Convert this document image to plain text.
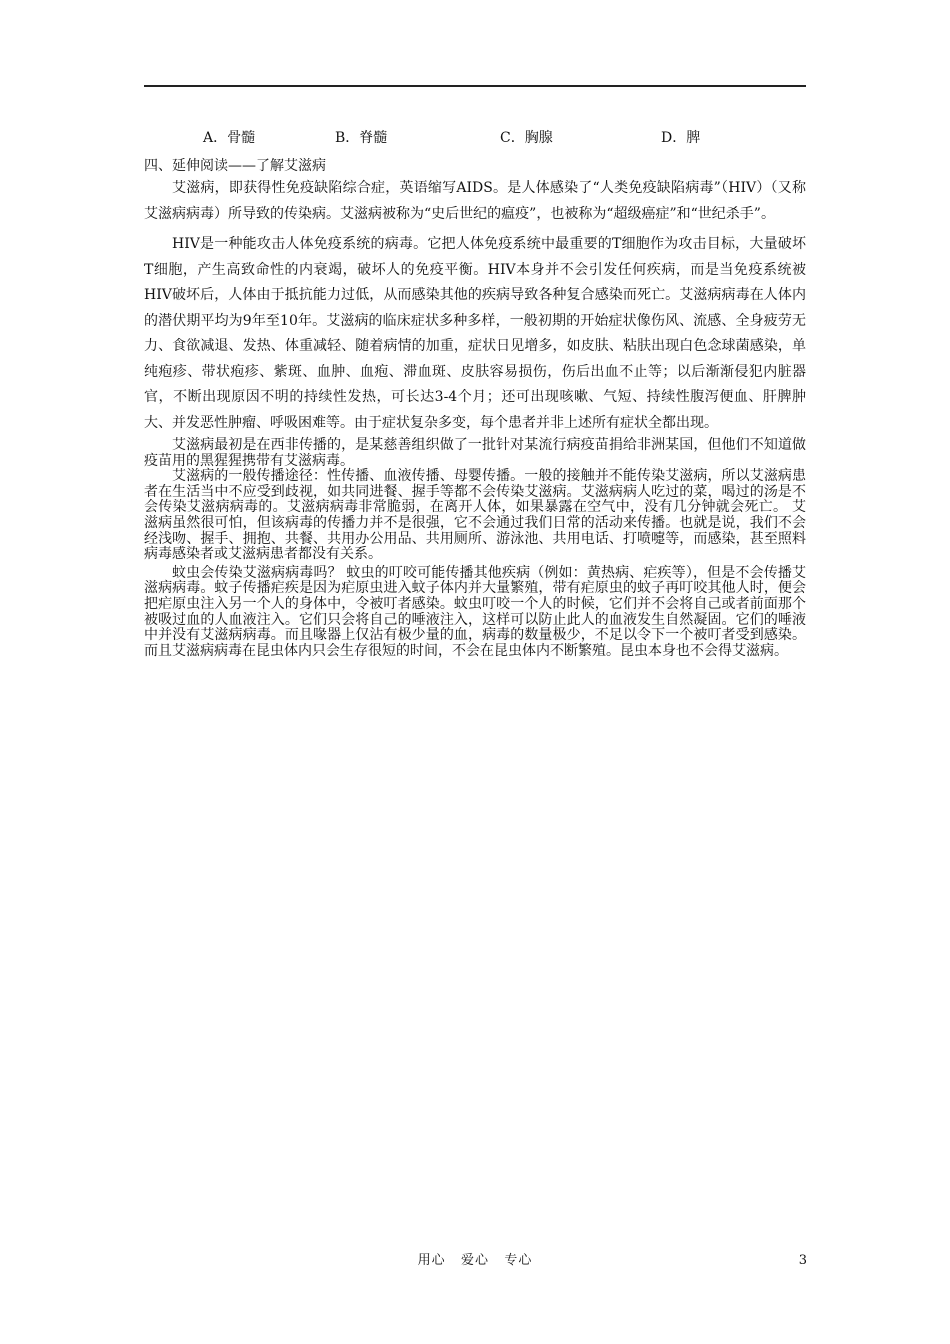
A．骨髓	B．脊髓	C．胸腺	D．脾

四、延伸阅读——了解艾滋病

艾滋病，即获得性免疫缺陷综合症，英语缩写AIDS。是人体感染了“人类免疫缺陷病毒”（HIV）（又称艾滋病病毒）所导致的传染病。艾滋病被称为“史后世纪的瘟疫”，也被称为“超级癌症”和“世纪杀手”。

HIV是一种能攻击人体免疫系统的病毒。它把人体免疫系统中最重要的T细胞作为攻击目标，大量破坏T细胞，产生高致命性的内衰竭，破坏人的免疫平衡。HIV本身并不会引发任何疾病，而是当免疫系统被HIV破坏后，人体由于抵抗能力过低，从而感染其他的疾病导致各种复合感染而死亡。艾滋病病毒在人体内的潜伏期平均为9年至10年。艾滋病的临床症状多种多样，一般初期的开始症状像伤风、流感、全身疲劳无力、食欲减退、发热、体重减轻、随着病情的加重，症状日见增多，如皮肤、粘肤出现白色念球菌感染，单纯疱疹、带状疱疹、紫斑、血肿、血疱、滞血斑、皮肤容易损伤，伤后出血不止等；以后渐渐侵犯内脏器官，不断出现原因不明的持续性发热，可长达3-4个月；还可出现咳嗽、气短、持续性腹泻便血、肝脾肿大、并发恶性肿瘤、呼吸困难等。由于症状复杂多变，每个患者并非上述所有症状全都出现。

艾滋病最初是在西非传播的，是某慈善组织做了一批针对某流行病疫苗捐给非洲某国，但他们不知道做疫苗用的黑猩猩携带有艾滋病毒。

艾滋病的一般传播途径：性传播、血液传播、母婴传播。一般的接触并不能传染艾滋病，所以艾滋病患者在生活当中不应受到歧视，如共同进餐、握手等都不会传染艾滋病。艾滋病病人吃过的菜，喝过的汤是不会传染艾滋病病毒的。艾滋病病毒非常脆弱，在离开人体，如果暴露在空气中，没有几分钟就会死亡。 艾滋病虽然很可怕，但该病毒的传播力并不是很强，它不会通过我们日常的活动来传播。也就是说，我们不会经浅吻、握手、拥抱、共餐、共用办公用品、共用厕所、游泳池、共用电话、打喷嚏等，而感染，甚至照料病毒感染者或艾滋病患者都没有关系。

蚊虫会传染艾滋病病毒吗？ 蚊虫的叮咬可能传播其他疾病（例如：黄热病、疟疾等），但是不会传播艾滋病病毒。蚊子传播疟疾是因为疟原虫进入蚊子体内并大量繁殖，带有疟原虫的蚊子再叮咬其他人时，便会把疟原虫注入另一个人的身体中，令被叮者感染。蚊虫叮咬一个人的时候，它们并不会将自己或者前面那个被吸过血的人血液注入。它们只会将自己的唾液注入，这样可以防止此人的血液发生自然凝固。它们的唾液中并没有艾滋病病毒。而且喙器上仅沾有极少量的血，病毒的数量极少，不足以令下一个被叮者受到感染。而且艾滋病病毒在昆虫体内只会生存很短的时间，不会在昆虫体内不断繁殖。昆虫本身也不会得艾滋病。

用心   爱心   专心	3
